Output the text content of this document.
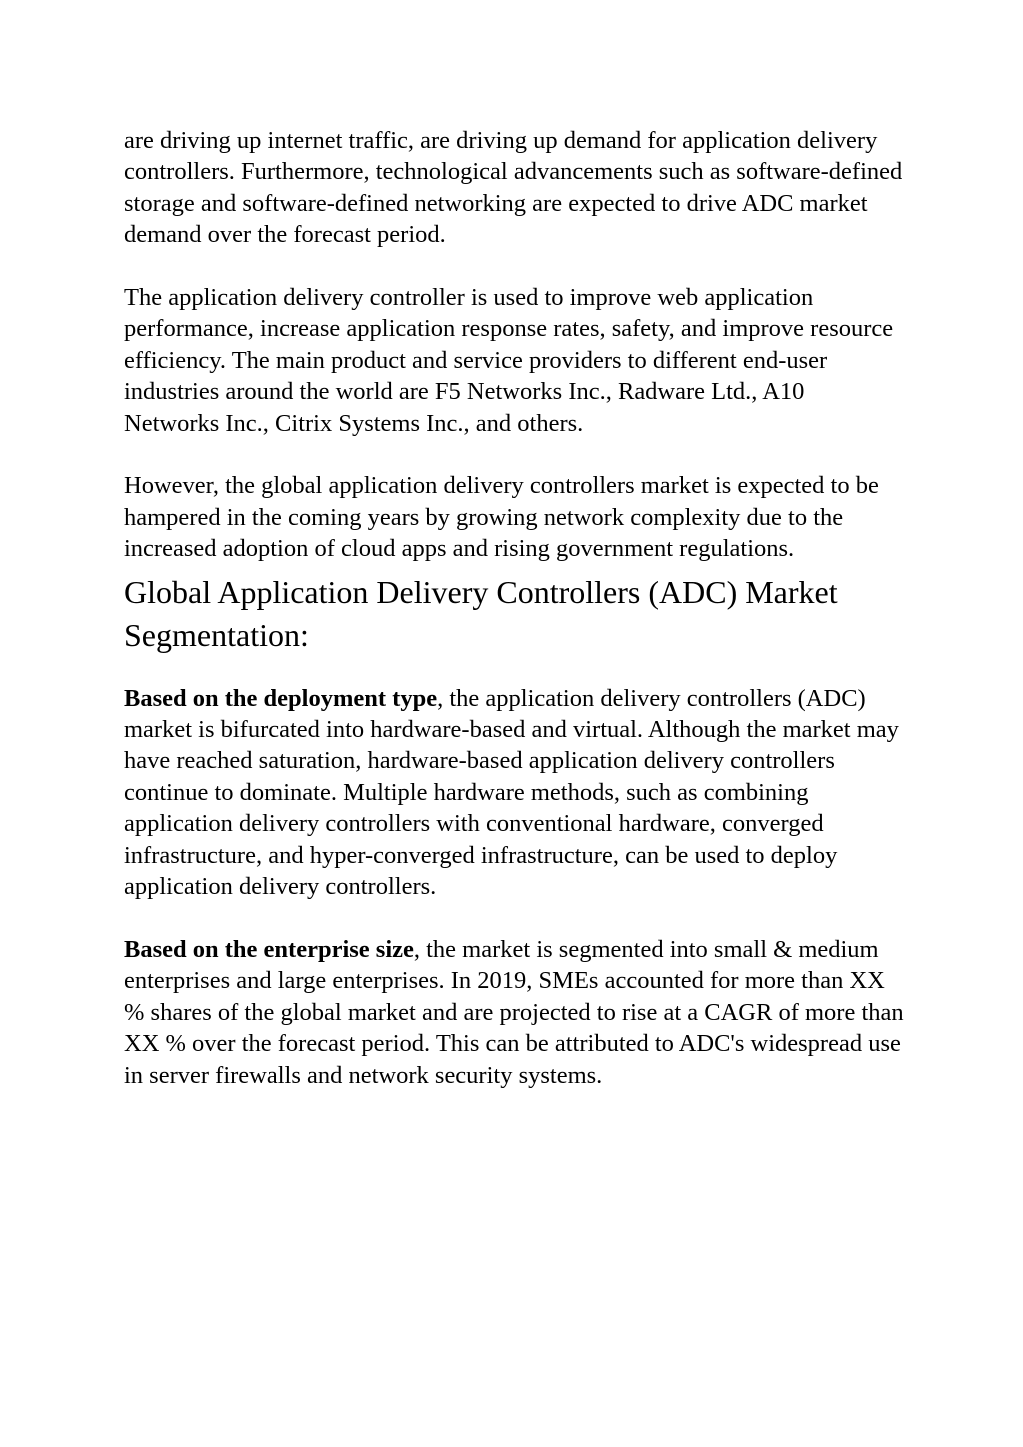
are driving up internet traffic, are driving up demand for application delivery controllers. Furthermore, technological advancements such as software-defined storage and software-defined networking are expected to drive ADC market demand over the forecast period.

The application delivery controller is used to improve web application performance, increase application response rates, safety, and improve resource efficiency. The main product and service providers to different end-user industries around the world are F5 Networks Inc., Radware Ltd., A10 Networks Inc., Citrix Systems Inc., and others.

However, the global application delivery controllers market is expected to be hampered in the coming years by growing network complexity due to the increased adoption of cloud apps and rising government regulations.

Global Application Delivery Controllers (ADC) Market Segmentation:

Based on the deployment type, the application delivery controllers (ADC) market is bifurcated into hardware-based and virtual. Although the market may have reached saturation, hardware-based application delivery controllers continue to dominate. Multiple hardware methods, such as combining application delivery controllers with conventional hardware, converged infrastructure, and hyper-converged infrastructure, can be used to deploy application delivery controllers.

Based on the enterprise size, the market is segmented into small & medium enterprises and large enterprises. In 2019, SMEs accounted for more than XX % shares of the global market and are projected to rise at a CAGR of more than XX % over the forecast period. This can be attributed to ADC's widespread use in server firewalls and network security systems.
